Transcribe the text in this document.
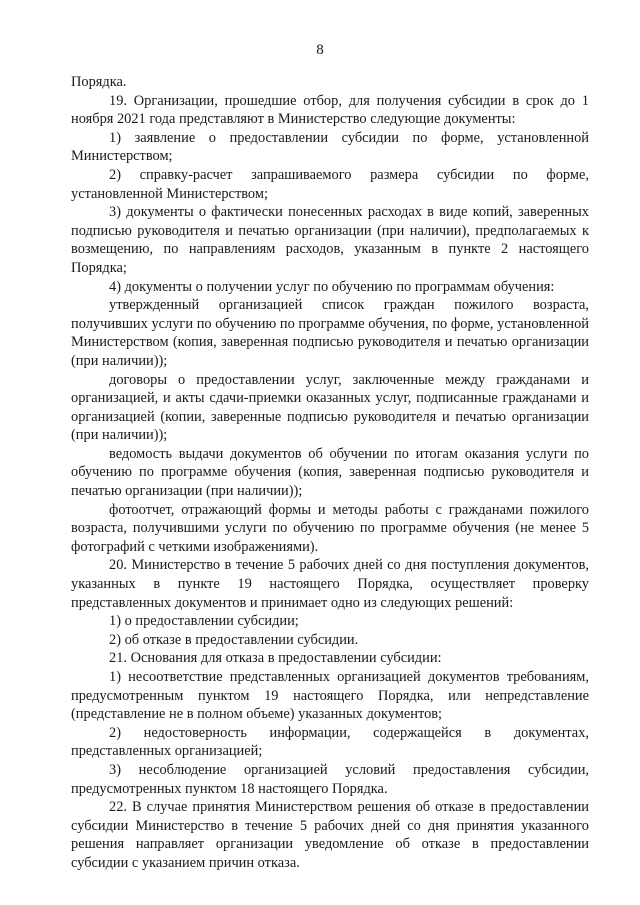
8

Порядка.

19. Организации, прошедшие отбор, для получения субсидии в срок до 1 ноября 2021 года представляют в Министерство следующие документы:

1) заявление о предоставлении субсидии по форме, установленной Министерством;

2) справку-расчет запрашиваемого размера субсидии по форме, установленной Министерством;

3) документы о фактически понесенных расходах в виде копий, заверенных подписью руководителя и печатью организации (при наличии), предполагаемых к возмещению, по направлениям расходов, указанным в пункте 2 настоящего Порядка;

4) документы о получении услуг по обучению по программам обучения:

утвержденный организацией список граждан пожилого возраста, получивших услуги по обучению по программе обучения, по форме, установленной Министерством (копия, заверенная подписью руководителя и печатью организации (при наличии));

договоры о предоставлении услуг, заключенные между гражданами и организацией, и акты сдачи-приемки оказанных услуг, подписанные гражданами и организацией (копии, заверенные подписью руководителя и печатью организации (при наличии));

ведомость выдачи документов об обучении по итогам оказания услуги по обучению по программе обучения (копия, заверенная подписью руководителя и печатью организации (при наличии));

фотоотчет, отражающий формы и методы работы с гражданами пожилого возраста, получившими услуги по обучению по программе обучения (не менее 5 фотографий с четкими изображениями).

20. Министерство в течение 5 рабочих дней со дня поступления документов, указанных в пункте 19 настоящего Порядка, осуществляет проверку представленных документов и принимает одно из следующих решений:

1) о предоставлении субсидии;

2) об отказе в предоставлении субсидии.

21. Основания для отказа в предоставлении субсидии:

1) несоответствие представленных организацией документов требованиям, предусмотренным пунктом 19 настоящего Порядка, или непредставление (представление не в полном объеме) указанных документов;

2) недостоверность информации, содержащейся в документах, представленных организацией;

3) несоблюдение организацией условий предоставления субсидии, предусмотренных пунктом 18 настоящего Порядка.

22. В случае принятия Министерством решения об отказе в предоставлении субсидии Министерство в течение 5 рабочих дней со дня принятия указанного решения направляет организации уведомление об отказе в предоставлении субсидии с указанием причин отказа.
